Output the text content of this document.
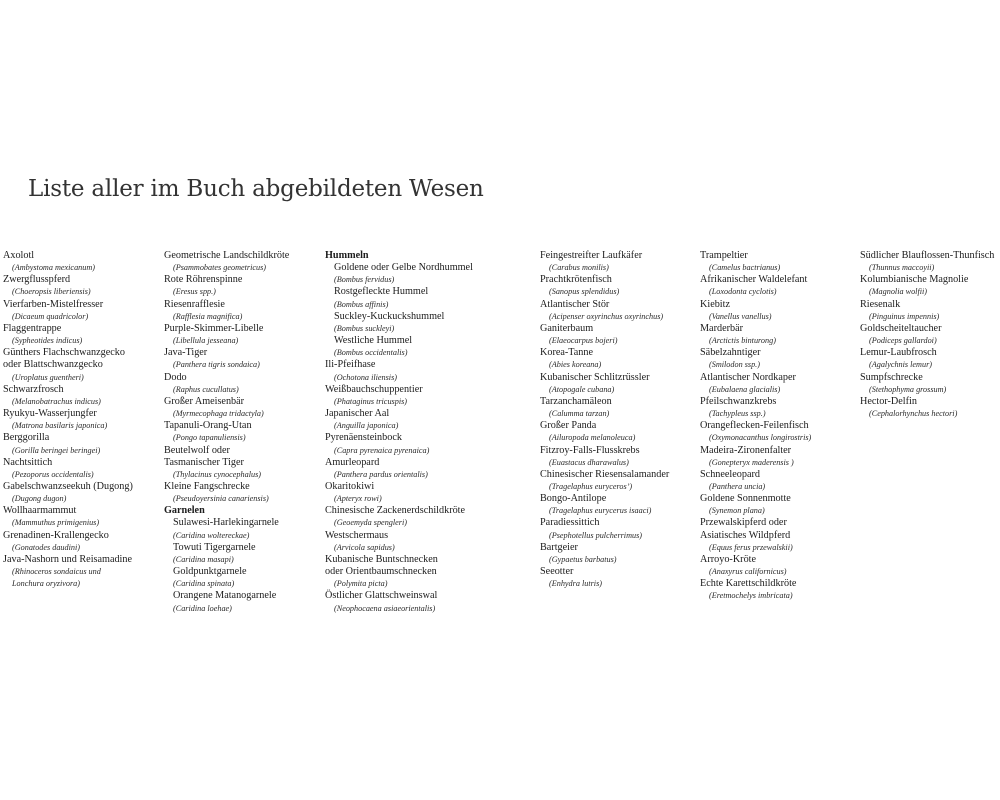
Liste aller im Buch abgebildeten Wesen
Axolotl
(Ambystoma mexicanum)
Zwergflusspferd
(Choeropsis liberiensis)
Vierfarben-Mistelfresser
(Dicaeum quadricolor)
Flaggentrappe
(Sypheotides indicus)
Günthers Flachschwanzgecko
oder Blattschwanzgecko
(Uroplatus guentheri)
Schwarzfrosch
(Melanobatrachus indicus)
Ryukyu-Wasserjungfer
(Matrona basilaris japonica)
Berggorilla
(Gorilla beringei beringei)
Nachtsittich
(Pezoporus occidentalis)
Gabelschwanzseekuh (Dugong)
(Dugong dugon)
Wollhaarmammut
(Mammuthus primigenius)
Grenadinen-Krallengecko
(Gonatodes daudini)
Java-Nashorn und Reisamadine
(Rhinoceros sondaicus und
Lonchura oryzivora)
Geometrische Landschildkröte
(Psammobates geometricus)
Rote Röhrenspinne
(Eresus spp.)
Riesenrafflesie
(Rafflesia magnifica)
Purple-Skimmer-Libelle
(Libellula jesseana)
Java-Tiger
(Panthera tigris sondaica)
Dodo
(Raphus cucullatus)
Großer Ameisenbär
(Myrmecophaga tridactyla)
Tapanuli-Orang-Utan
(Pongo tapanuliensis)
Beutelwolf oder
Tasmanischer Tiger
(Thylacinus cynocephalus)
Kleine Fangschrecke
(Pseudoyersinia canariensis)
Garnelen
Sulawesi-Harlekingarnele
(Caridina woltereckae)
Towuti Tigergarnele
(Caridina masapi)
Goldpunktgarnele
(Caridina spinata)
Orangene Matanogarnele
(Caridina loehae)
Hummeln
Goldene oder Gelbe Nordhummel
(Bombus fervidus)
Rostgefleckte Hummel
(Bombus affinis)
Suckley-Kuckuckshummel
(Bombus suckleyi)
Westliche Hummel
(Bombus occidentalis)
Ili-Pfeifhase
(Ochotona iliensis)
Weißbauchschuppentier
(Phataginus tricuspis)
Japanischer Aal
(Anguilla japonica)
Pyrenäensteinbock
(Capra pyrenaica pyrenaica)
Amurleopard
(Panthera pardus orientalis)
Okaritokiwi
(Apteryx rowi)
Chinesische Zackenerdschildkröte
(Geoemyda spengleri)
Westschermaus
(Arvicola sapidus)
Kubanische Buntschnecken
oder Orientbaumschnecken
(Polymita picta)
Östlicher Glattschweinswal
(Neophocaena asiaeorientalis)
Feingestreifter Laufkäfer
(Carabus monilis)
Prachtkrötenfisch
(Sanopus splendidus)
Atlantischer Stör
(Acipenser oxyrinchus oxyrinchus)
Ganiterbaum
(Elaeocarpus bojeri)
Korea-Tanne
(Abies koreana)
Kubanischer Schlitzrüssler
(Atopogale cubana)
Tarzanchamäleon
(Calumma tarzan)
Großer Panda
(Ailuropoda melanoleuca)
Fitzroy-Falls-Flusskrebs
(Euastacus dharawalus)
Chinesischer Riesensalamander
(Tragelaphus euryceros’)
Bongo-Antilope
(Tragelaphus eurycerus isaaci)
Paradiessittich
(Psephotellus pulcherrimus)
Bartgeier
(Gypaetus barbatus)
Seeotter
(Enhydra lutris)
Trampeltier
(Camelus bactrianus)
Afrikanischer Waldelefant
(Loxodonta cyclotis)
Kiebitz
(Vanellus vanellus)
Marderbär
(Arctictis binturong)
Säbelzahntiger
(Smilodon ssp.)
Atlantischer Nordkaper
(Eubalaena glacialis)
Pfeilschwanzkrebs
(Tachypleus ssp.)
Orangeflecken-Feilenfisch
(Oxymonacanthus longirostris)
Madeira-Zironenfalter
(Gonepteryx maderensis )
Schneeleopard
(Panthera uncia)
Goldene Sonnenmotte
(Synemon plana)
Przewalskipferd oder
Asiatisches Wildpferd
(Equus ferus przewalskii)
Arroyo-Kröte
(Anaxyrus californicus)
Echte Karettschildkröte
(Eretmochelys imbricata)
Südlicher Blauflossen-Thunfisch
(Thunnus maccoyii)
Kolumbianische Magnolie
(Magnolia wolfii)
Riesenalk
(Pinguinus impennis)
Goldscheiteltaucher
(Podiceps gallardoi)
Lemur-Laubfrosch
(Agalychnis lemur)
Sumpfschrecke
(Stethophyma grossum)
Hector-Delfin
(Cephalorhynchus hectori)
